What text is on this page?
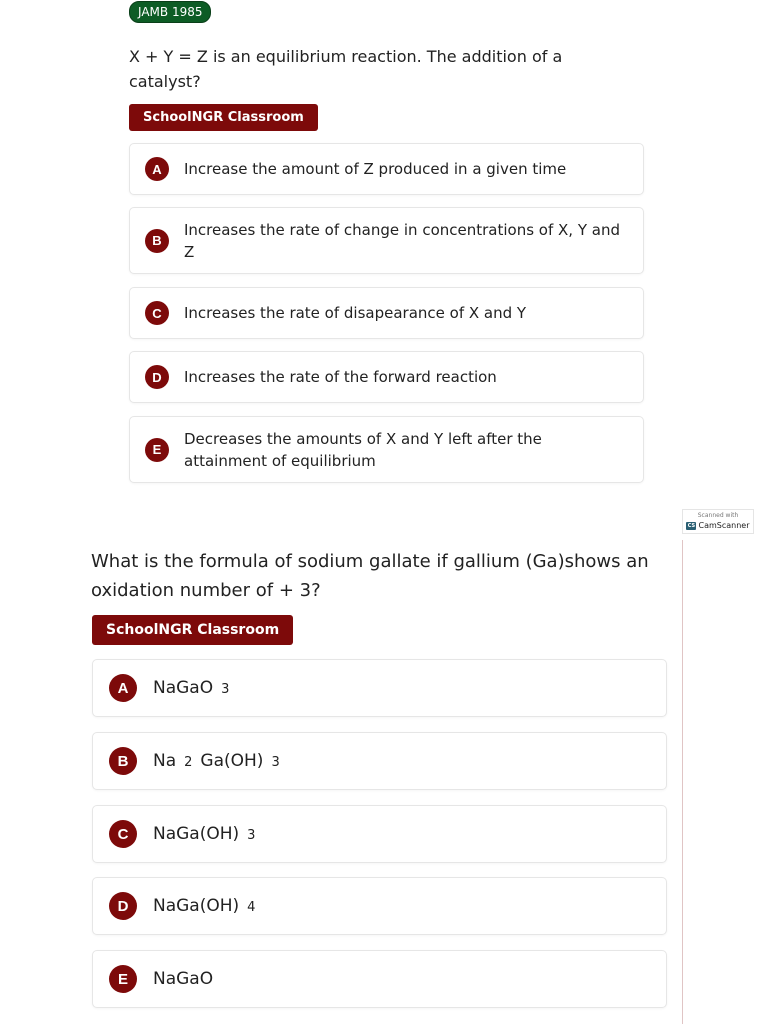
JAMB 1985
X + Y = Z is an equilibrium reaction. The addition of a catalyst?
SchoolNGR Classroom
A	Increase the amount of Z produced in a given time
B
Increases the rate of change in concentrations of X, Y and Z
C	Increases the rate of disapearance of X and Y
D	Increases the rate of the forward reaction
E
Decreases the amounts of X and Y left after the attainment of equilibrium
Scanned with
CS CamScanner
What is the formula of sodium gallate if gallium (Ga)shows an oxidation number of + 3?
SchoolNGR Classroom
A	NaGaO 3
B	Na 2 Ga(OH) 3
C	NaGa(OH) 3
D	NaGa(OH) 4
E	NaGaO
